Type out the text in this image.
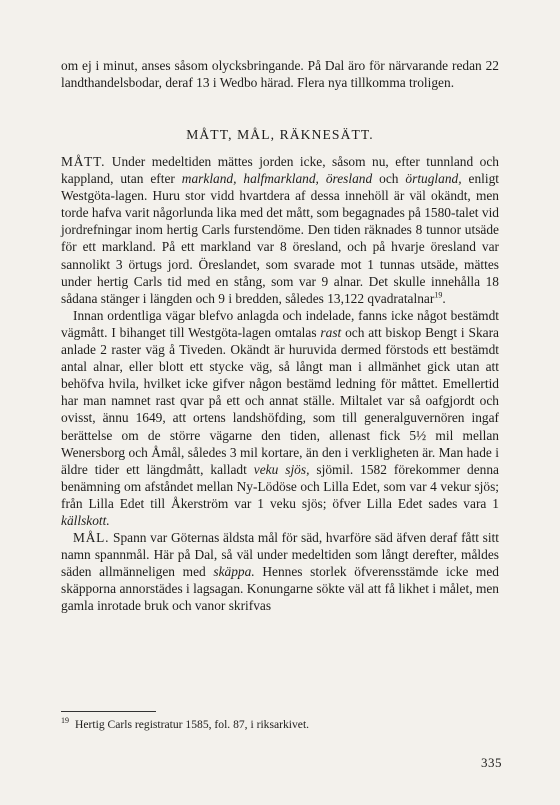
om ej i minut, anses såsom olycksbringande. På Dal äro för närvarande redan 22 landthandelsbodar, deraf 13 i Wedbo härad. Flera nya tillkomma troligen.

MÅTT, MÅL, RÄKNESÄTT.

MÅTT. Under medeltiden mättes jorden icke, såsom nu, efter tunnland och kappland, utan efter markland, halfmarkland, öresland och örtugland, enligt Westgöta-lagen. Huru stor vidd hvartdera af dessa innehöll är väl okändt, men torde hafva varit någorlunda lika med det mått, som begagnades på 1580-talet vid jordrefningar inom hertig Carls furstendöme. Den tiden räknades 8 tunnor utsäde för ett markland. På ett markland var 8 öresland, och på hvarje öresland var sannolikt 3 örtugs jord. Öreslandet, som svarade mot 1 tunnas utsäde, mättes under hertig Carls tid med en stång, som var 9 alnar. Det skulle innehålla 18 sådana stänger i längden och 9 i bredden, således 13,122 qvadratalnar$^{19}$.

Innan ordentliga vägar blefvo anlagda och indelade, fanns icke något bestämdt vägmått. I bihanget till Westgöta-lagen omtalas rast och att biskop Bengt i Skara anlade 2 raster väg å Tiveden. Okändt är huruvida dermed förstods ett bestämdt antal alnar, eller blott ett stycke väg, så långt man i allmänhet gick utan att behöfva hvila, hvilket icke gifver någon bestämd ledning för måttet. Emellertid har man namnet rast qvar på ett och annat ställe. Miltalet var så oafgjordt och ovisst, ännu 1649, att ortens landshöfding, som till generalguvernören ingaf berättelse om de större vägarne den tiden, allenast fick 5½ mil mellan Wenersborg och Åmål, således 3 mil kortare, än den i verkligheten är. Man hade i äldre tider ett längdmått, kalladt veku sjös, sjömil. 1582 förekommer denna benämning om afståndet mellan Ny-Lödöse och Lilla Edet, som var 4 vekur sjös; från Lilla Edet till Åkerström var 1 veku sjös; öfver Lilla Edet sades vara 1 källskott.

MÅL. Spann var Göternas äldsta mål för säd, hvarföre säd äfven deraf fått sitt namn spannmål. Här på Dal, så väl under medeltiden som långt derefter, måldes säden allmänneligen med skäppa. Hennes storlek öfverensstämde icke med skäpporna annorstädes i lagsagan. Konungarne sökte väl att få likhet i målet, men gamla inrotade bruk och vanor skrifvas

$^{19}$ Hertig Carls registratur 1585, fol. 87, i riksarkivet.
335
